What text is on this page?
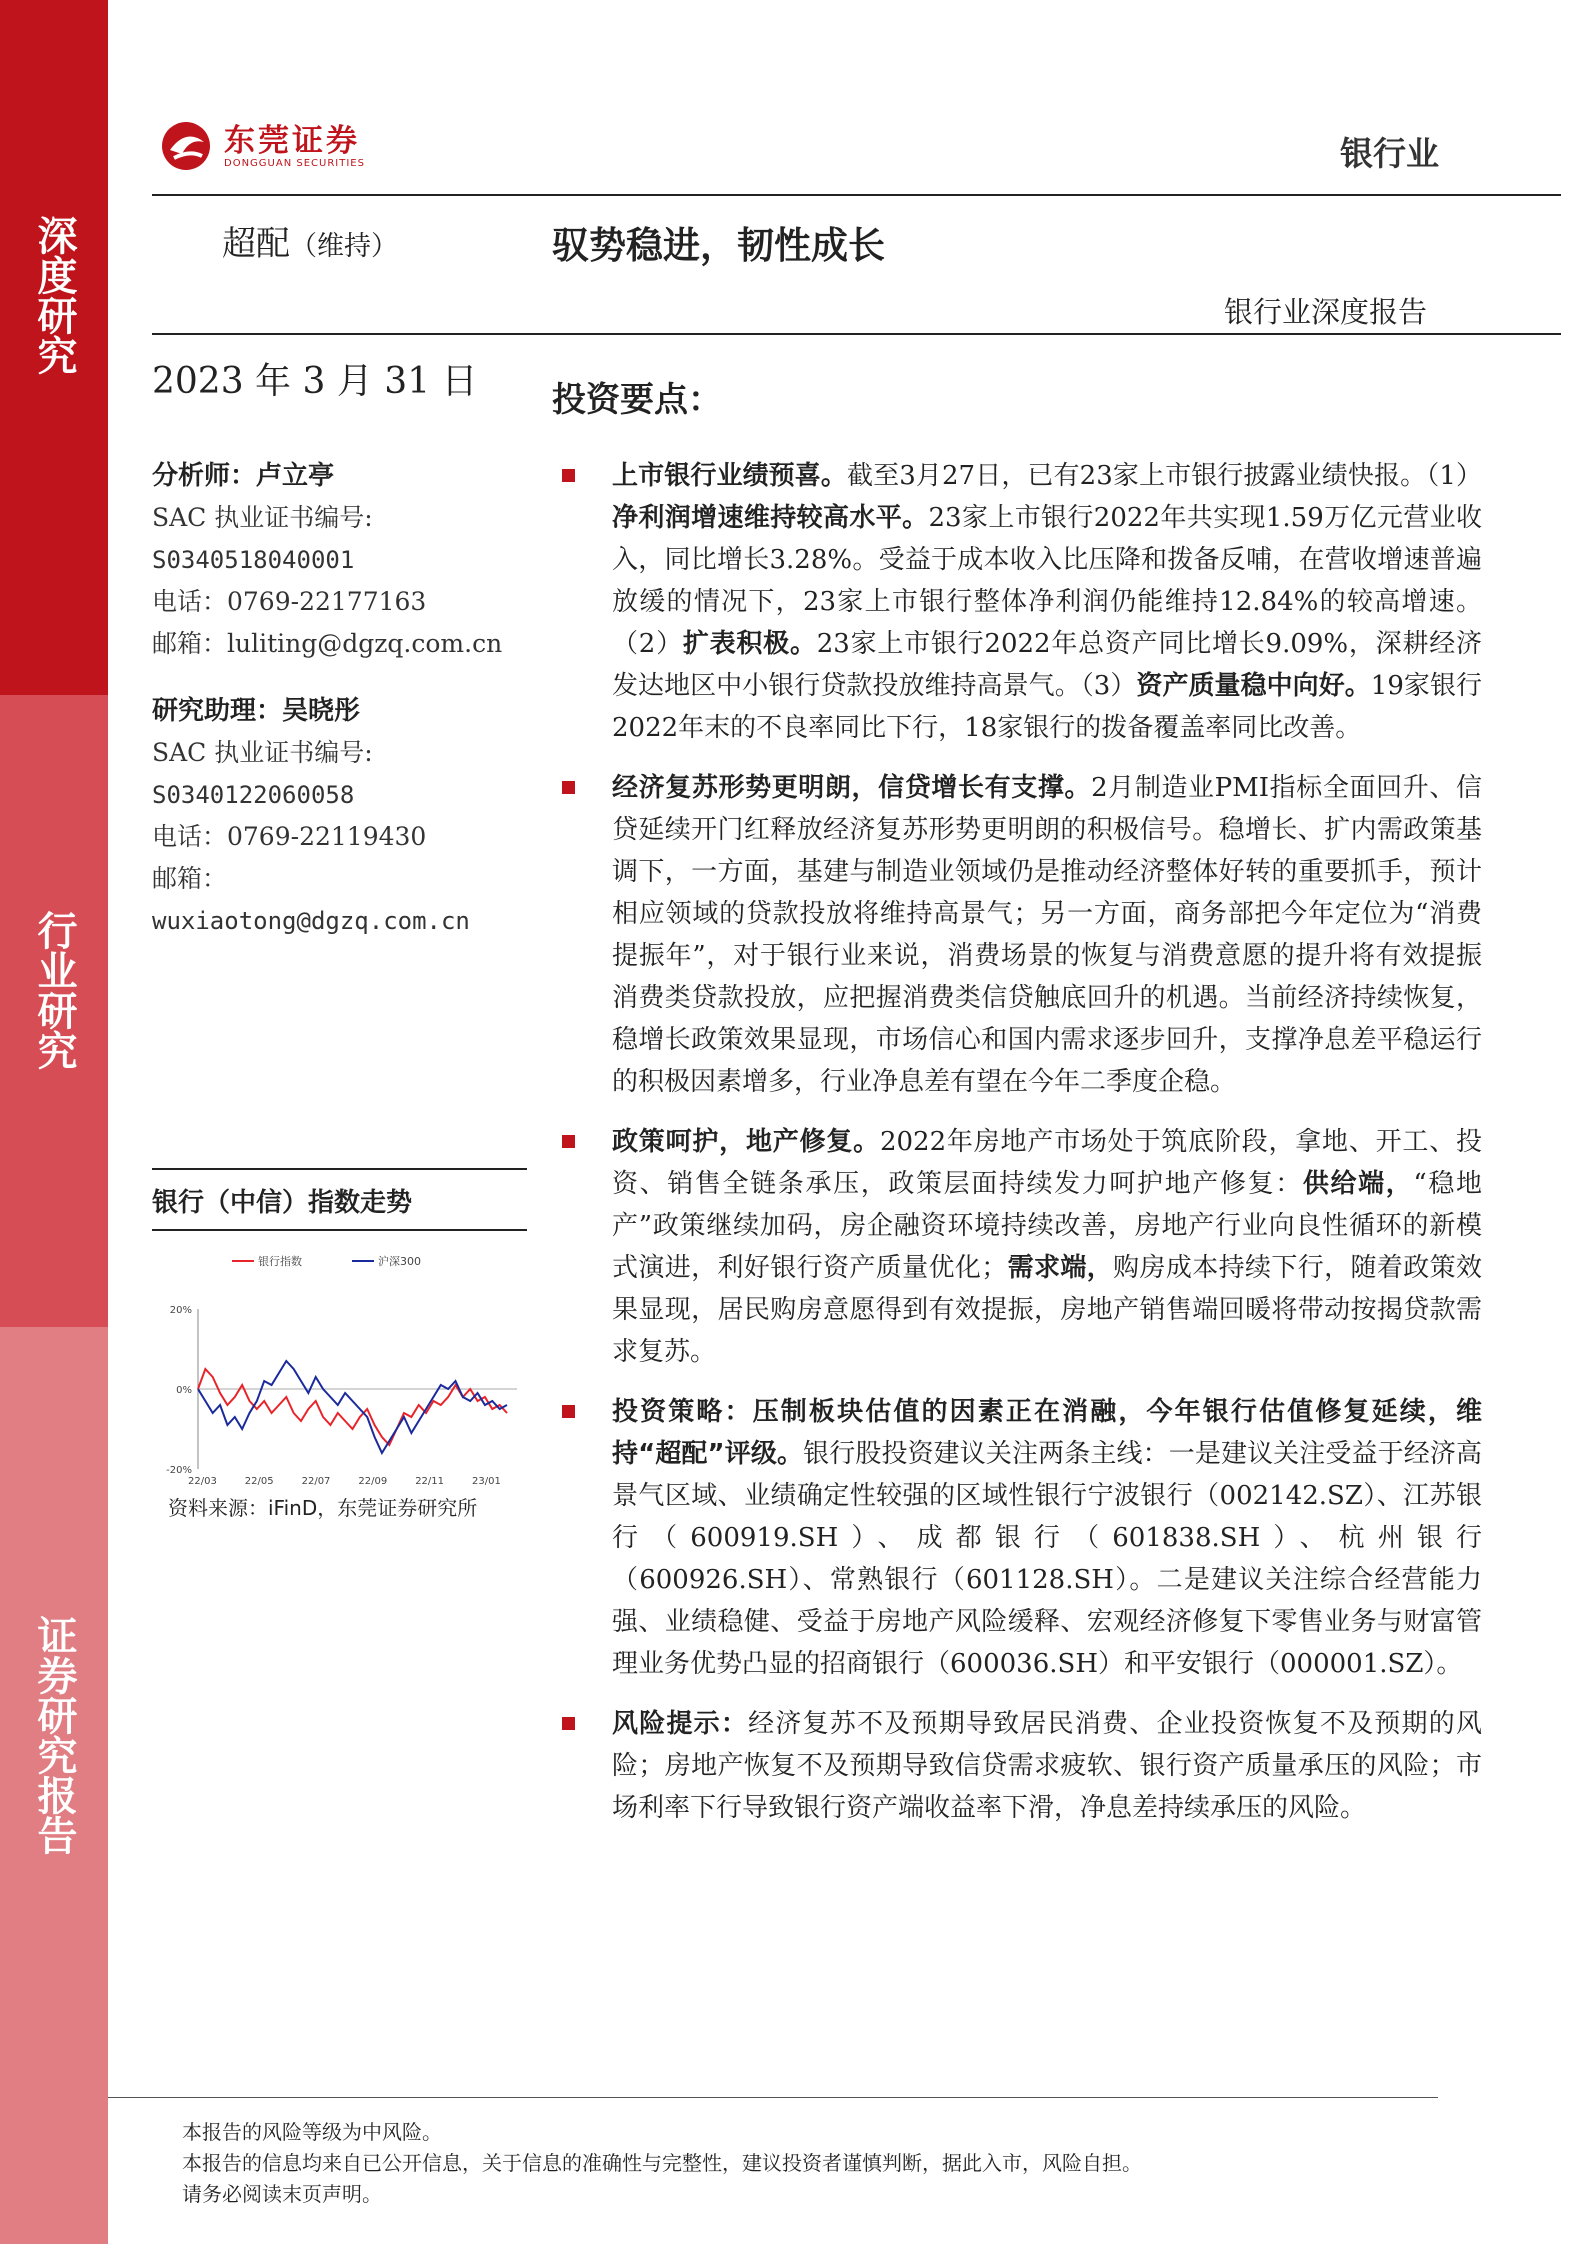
深度研究
行业研究
证券研究报告
东莞证券
DONGGUAN SECURITIES	银行业
超配（维持）	驭势稳进，韧性成长
银行业深度报告
2023 年 3 月 31 日
分析师：卢立亭
SAC 执业证书编号:
S0340518040001
电话：0769-22177163
邮箱：luliting@dgzq.com.cn
研究助理：吴晓彤
SAC 执业证书编号:
S0340122060058
电话：0769-22119430
邮箱：
wuxiaotong@dgzq.com.cn
银行（中信）指数走势
20%
0%
-20%
22/03	22/05	22/07	22/09	22/11	23/01
银行指数	沪深300
资料来源：iFinD，东莞证券研究所
投资要点：
上市银行业绩预喜。截至3月27日，已有23家上市银行披露业绩快报。（1）净利润增速维持较高水平。23家上市银行2022年共实现1.59万亿元营业收入，同比增长3.28%。受益于成本收入比压降和拨备反哺，在营收增速普遍放缓的情况下，23家上市银行整体净利润仍能维持12.84%的较高增速。（2）扩表积极。23家上市银行2022年总资产同比增长9.09%，深耕经济发达地区中小银行贷款投放维持高景气。（3）资产质量稳中向好。19家银行2022年末的不良率同比下行，18家银行的拨备覆盖率同比改善。
经济复苏形势更明朗，信贷增长有支撑。2月制造业PMI指标全面回升、信贷延续开门红释放经济复苏形势更明朗的积极信号。稳增长、扩内需政策基调下，一方面，基建与制造业领域仍是推动经济整体好转的重要抓手，预计相应领域的贷款投放将维持高景气；另一方面，商务部把今年定位为“消费提振年”，对于银行业来说，消费场景的恢复与消费意愿的提升将有效提振消费类贷款投放，应把握消费类信贷触底回升的机遇。当前经济持续恢复，稳增长政策效果显现，市场信心和国内需求逐步回升，支撑净息差平稳运行的积极因素增多，行业净息差有望在今年二季度企稳。
政策呵护，地产修复。2022年房地产市场处于筑底阶段，拿地、开工、投资、销售全链条承压，政策层面持续发力呵护地产修复：供给端，“稳地产”政策继续加码，房企融资环境持续改善，房地产行业向良性循环的新模式演进，利好银行资产质量优化；需求端，购房成本持续下行，随着政策效果显现，居民购房意愿得到有效提振，房地产销售端回暖将带动按揭贷款需求复苏。
投资策略：压制板块估值的因素正在消融，今年银行估值修复延续，维持“超配”评级。银行股投资建议关注两条主线：一是建议关注受益于经济高景气区域、业绩确定性较强的区域性银行宁波银行（002142.SZ）、江苏银行（600919.SH）、成都银行（601838.SH）、杭州银行（600926.SH）、常熟银行（601128.SH）。二是建议关注综合经营能力强、业绩稳健、受益于房地产风险缓释、宏观经济修复下零售业务与财富管理业务优势凸显的招商银行（600036.SH）和平安银行（000001.SZ）。
风险提示：经济复苏不及预期导致居民消费、企业投资恢复不及预期的风险；房地产恢复不及预期导致信贷需求疲软、银行资产质量承压的风险；市场利率下行导致银行资产端收益率下滑，净息差持续承压的风险。
本报告的风险等级为中风险。
本报告的信息均来自已公开信息，关于信息的准确性与完整性，建议投资者谨慎判断，据此入市，风险自担。
请务必阅读末页声明。
